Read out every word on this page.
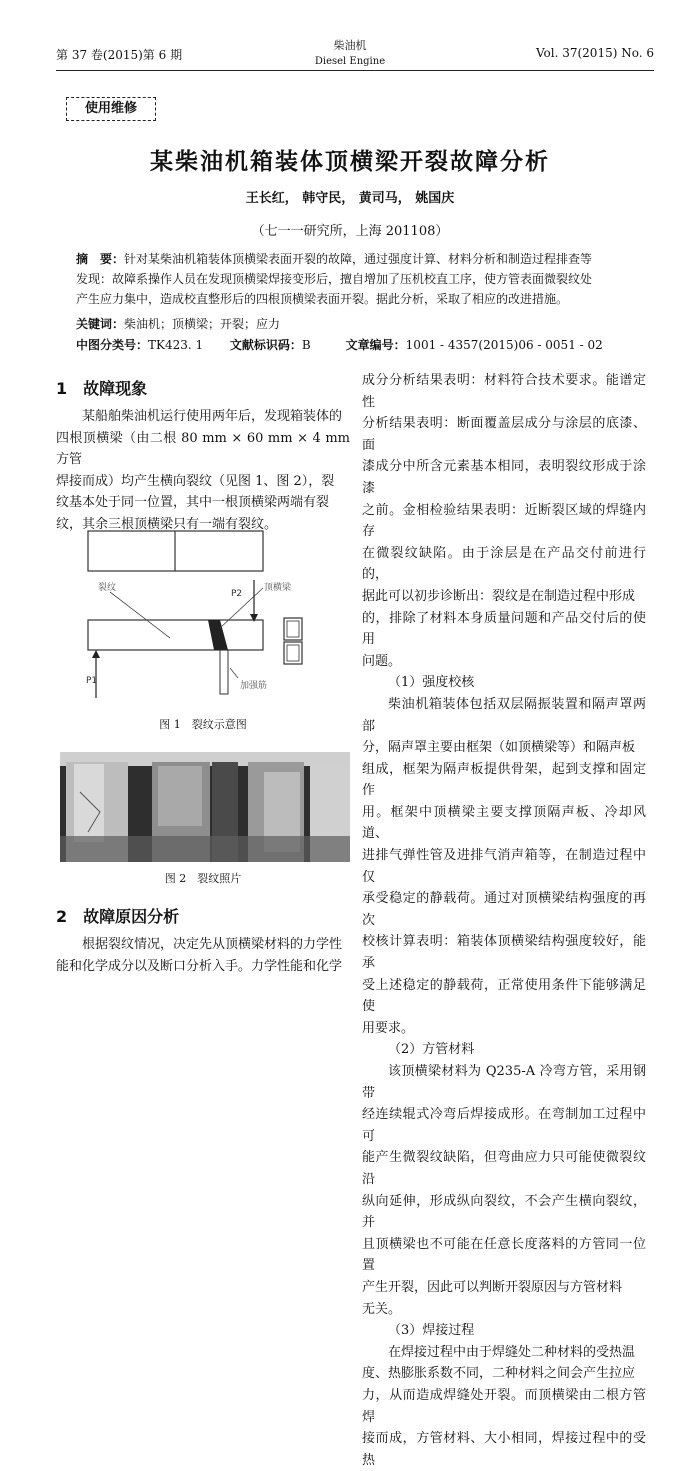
第 37 卷(2015)第 6 期
柴油机
Diesel Engine
Vol. 37(2015) No. 6
使用维修
某柴油机箱装体顶横梁开裂故障分析
王长红， 韩守民， 黄司马， 姚国庆
（七一一研究所，上海 201108）
摘　要：针对某柴油机箱装体顶横梁表面开裂的故障，通过强度计算、材料分析和制造过程排查等
发现：故障系操作人员在发现顶横梁焊接变形后，擅自增加了压机校直工序，使方管表面微裂纹处
产生应力集中，造成校直整形后的四根顶横梁表面开裂。据此分析，采取了相应的改进措施。
关键词：柴油机；顶横梁；开裂；应力
中图分类号：TK423. 1 文献标识码：B	文章编号：1001 - 4357(2015)06 - 0051 - 02
1　故障现象

某船舶柴油机运行使用两年后，发现箱装体的

四根顶横梁（由二根 80 mm × 60 mm × 4 mm 方管

焊接而成）均产生横向裂纹（见图 1、图 2），裂

纹基本处于同一位置，其中一根顶横梁两端有裂

纹，其余三根顶横梁只有一端有裂纹。

裂纹	顶横梁
P2
P1	加强筋
图 1　裂纹示意图
图 2　裂纹照片
2　故障原因分析

根据裂纹情况，决定先从顶横梁材料的力学性

能和化学成分以及断口分析入手。力学性能和化学

成分分析结果表明：材料符合技术要求。能谱定性

分析结果表明：断面覆盖层成分与涂层的底漆、面

漆成分中所含元素基本相同，表明裂纹形成于涂漆

之前。金相检验结果表明：近断裂区域的焊缝内存

在微裂纹缺陷。由于涂层是在产品交付前进行的，

据此可以初步诊断出：裂纹是在制造过程中形成

的，排除了材料本身质量问题和产品交付后的使用

问题。

（1）强度校核

柴油机箱装体包括双层隔振装置和隔声罩两部

分，隔声罩主要由框架（如顶横梁等）和隔声板

组成，框架为隔声板提供骨架，起到支撑和固定作

用。框架中顶横梁主要支撑顶隔声板、冷却风道、

进排气弹性管及进排气消声箱等，在制造过程中仅

承受稳定的静载荷。通过对顶横梁结构强度的再次

校核计算表明：箱装体顶横梁结构强度较好，能承

受上述稳定的静载荷，正常使用条件下能够满足使

用要求。

（2）方管材料

该顶横梁材料为 Q235-A 冷弯方管，采用钢带

经连续辊式冷弯后焊接成形。在弯制加工过程中可

能产生微裂纹缺陷，但弯曲应力只可能使微裂纹沿

纵向延伸，形成纵向裂纹，不会产生横向裂纹，并

且顶横梁也不可能在任意长度落料的方管同一位置

产生开裂，因此可以判断开裂原因与方管材料

无关。

（3）焊接过程

在焊接过程中由于焊缝处二种材料的受热温

度、热膨胀系数不同，二种材料之间会产生拉应

力，从而造成焊缝处开裂。而顶横梁由二根方管焊

接而成，方管材料、大小相同，焊接过程中的受热
